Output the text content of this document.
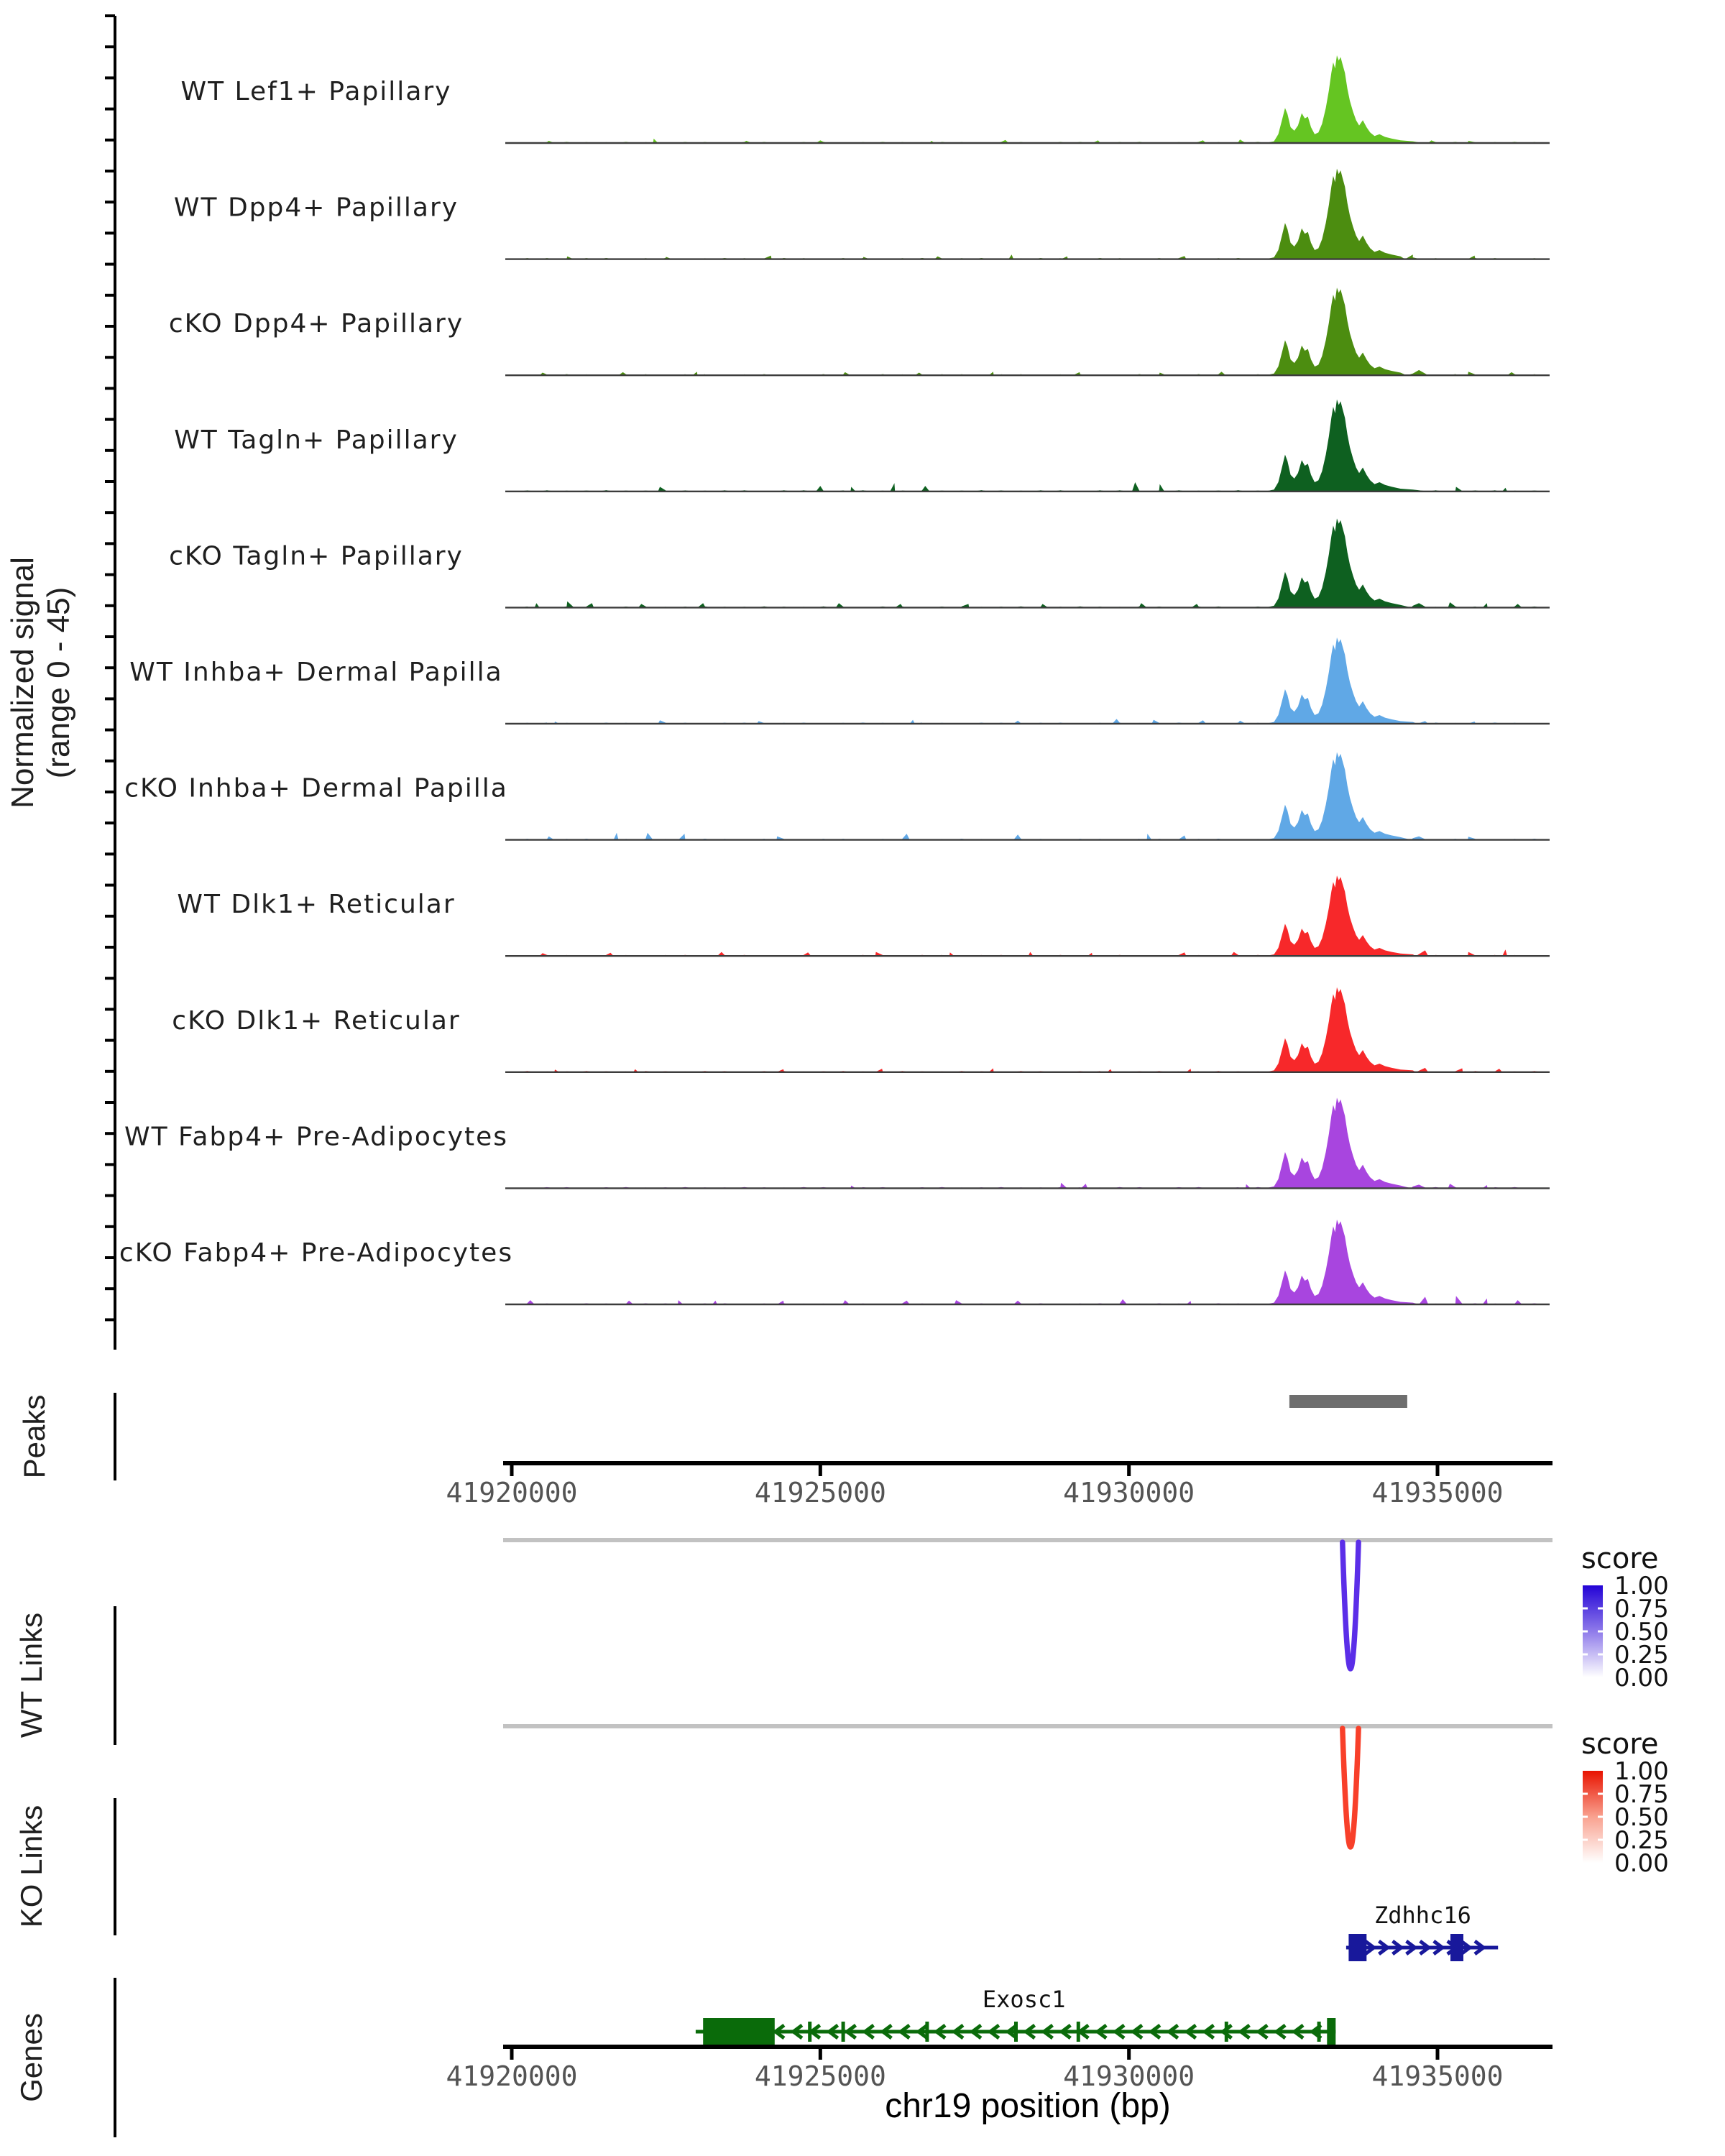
Normalized signal (range 0 - 45)
Peaks
WT Links
KO Links
Genes
WT Lef1+ Papillary
WT Dpp4+ Papillary
cKO Dpp4+ Papillary
WT Tagln+ Papillary
cKO Tagln+ Papillary
WT Inhba+ Dermal Papilla
cKO Inhba+ Dermal Papilla
WT Dlk1+ Reticular
cKO Dlk1+ Reticular
WT Fabp4+ Pre-Adipocytes
cKO Fabp4+ Pre-Adipocytes
41920000	41925000	41930000	41935000
1.00
0.75
0.50
0.25
0.00
1.00
0.75
0.50
0.25
0.00
Zdhhc16
Exosc1
41920000	41925000	41930000	41935000
score
score
chr19 position (bp)
